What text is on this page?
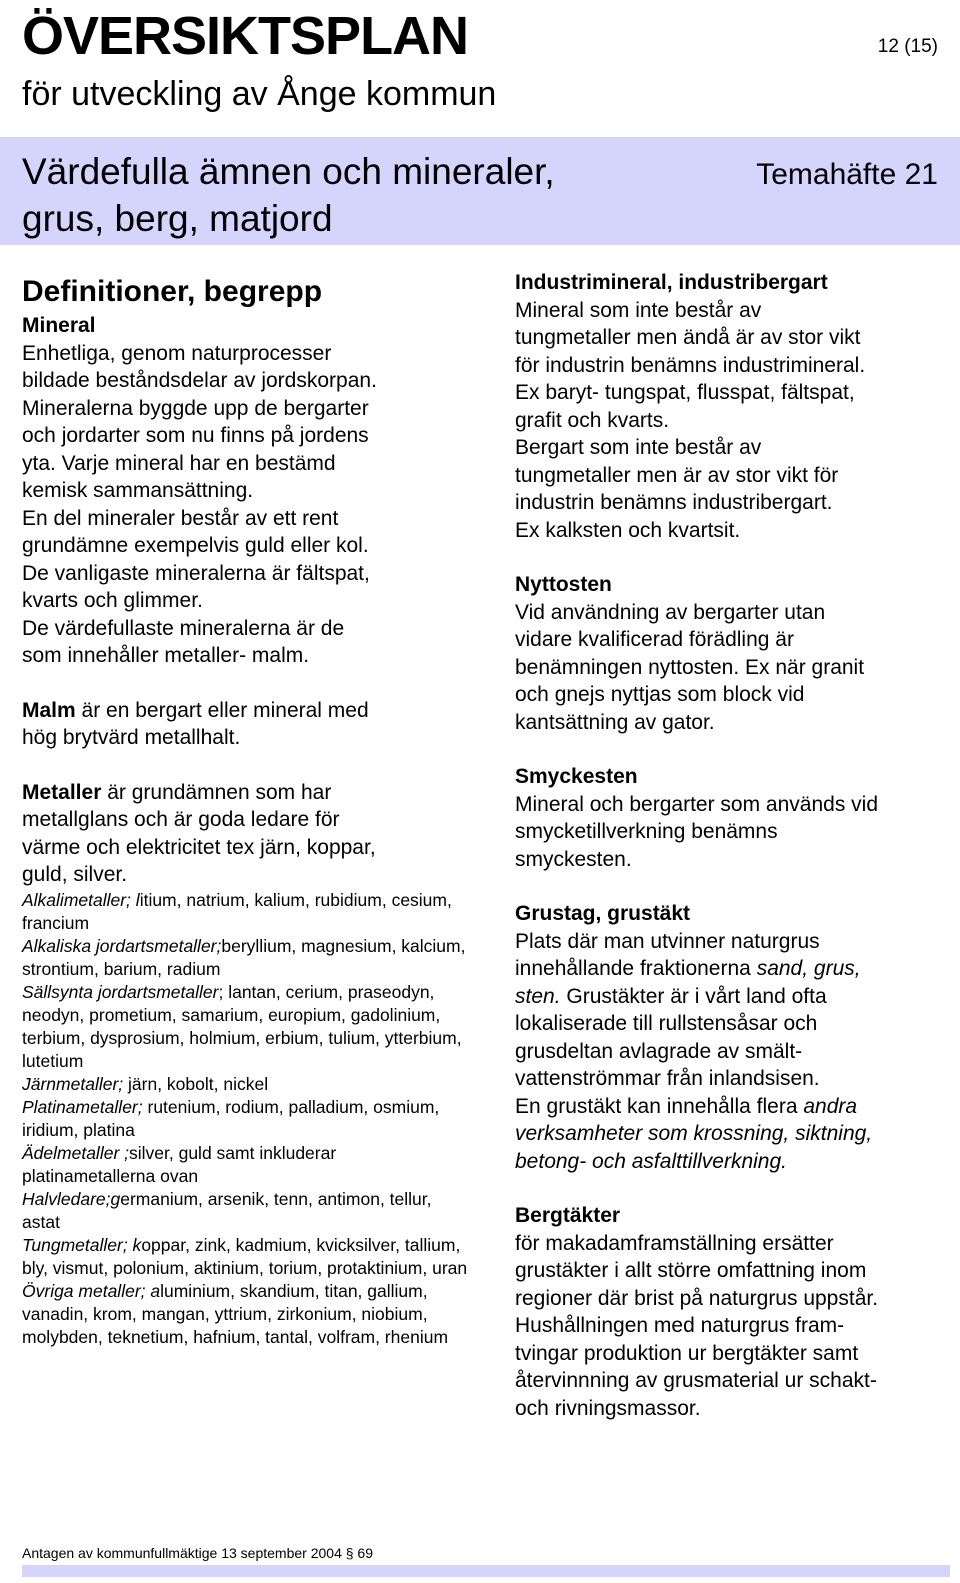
ÖVERSIKTSPLAN
för utveckling av Ånge kommun
12 (15)
Värdefulla ämnen och mineraler,
grus, berg, matjord
Temahäfte 21

Definitioner, begrepp

Mineral

Enhetliga, genom naturprocesser

bildade beståndsdelar av jordskorpan.

Mineralerna byggde upp de bergarter

och jordarter som nu finns på jordens

yta. Varje mineral har en bestämd

kemisk sammansättning.

En del mineraler består av ett rent

grundämne exempelvis guld eller kol.

De vanligaste mineralerna är fältspat,

kvarts och glimmer.

De värdefullaste mineralerna är de

som innehåller metaller- malm.

Malm är en bergart eller mineral med

hög brytvärd metallhalt.

Metaller är grundämnen som har

metallglans och är goda ledare för

värme och elektricitet tex järn, koppar,

guld, silver.

Alkalimetaller; litium, natrium, kalium, rubidium, cesium, francium

Alkaliska jordartsmetaller;beryllium, magnesium, kalcium, strontium, barium, radium

Sällsynta jordartsmetaller; lantan, cerium, praseodyn, neodyn, prometium, samarium, europium, gadolinium, terbium, dysprosium, holmium, erbium, tulium, ytterbium, lutetium

Järnmetaller; järn, kobolt, nickel

Platinametaller; rutenium, rodium, palladium, osmium, iridium, platina

Ädelmetaller ;silver, guld samt inkluderar platinametallerna ovan

Halvledare;germanium, arsenik, tenn, antimon, tellur, astat

Tungmetaller; koppar, zink, kadmium, kvicksilver, tallium, bly, vismut, polonium, aktinium, torium, protaktinium, uran

Övriga metaller; aluminium, skandium, titan, gallium, vanadin, krom, mangan, yttrium, zirkonium, niobium, molybden, teknetium, hafnium, tantal, volfram, rhenium

Industrimineral, industribergart

Mineral som inte består av

tungmetaller men ändå är av stor vikt

för industrin benämns industrimineral.

Ex baryt- tungspat, flusspat, fältspat,

grafit och kvarts.

Bergart som inte består av

tungmetaller men är av stor vikt för

industrin benämns industribergart.

Ex kalksten och kvartsit.

Nyttosten

Vid användning av bergarter utan

vidare kvalificerad förädling är

benämningen nyttosten. Ex när granit

och gnejs nyttjas som block vid

kantsättning av gator.

Smyckesten

Mineral och bergarter som används vid

smycketillverkning benämns

smyckesten.

Grustag, grustäkt

Plats där man utvinner naturgrus

innehållande fraktionerna sand, grus,

sten. Grustäkter är i vårt land ofta

lokaliserade till rullstensåsar och

grusdeltan avlagrade av smält-

vattenströmmar från inlandsisen.

En grustäkt kan innehålla flera andra

verksamheter som krossning, siktning,

betong- och asfalttillverkning.

Bergtäkter

för makadamframställning ersätter

grustäkter i allt större omfattning inom

regioner där brist på naturgrus uppstår.

Hushållningen med naturgrus fram-

tvingar produktion ur bergtäkter samt

återvinnning av grusmaterial ur schakt-

och rivningsmassor.

Antagen av kommunfullmäktige 13 september 2004 § 69
